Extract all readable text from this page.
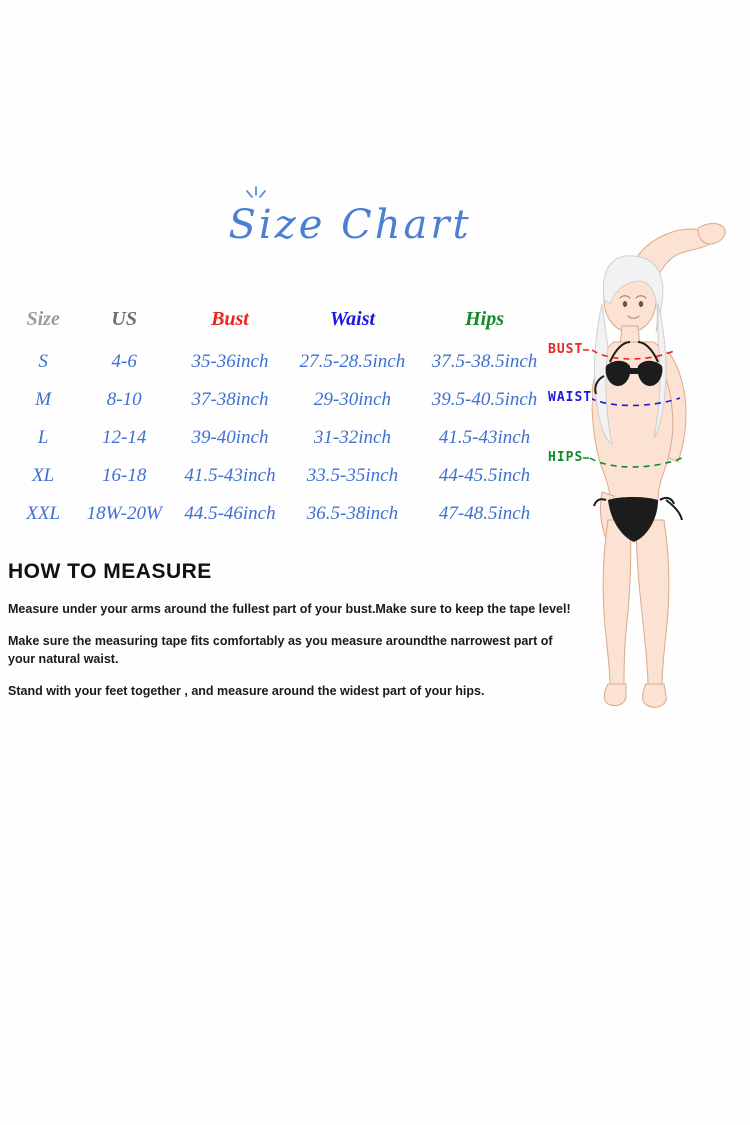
Size Chart
Size	US	Bust	Waist	Hips
S	4-6	35-36inch	27.5-28.5inch	37.5-38.5inch
M	8-10	37-38inch	29-30inch	39.5-40.5inch
L	12-14	39-40inch	31-32inch	41.5-43inch
XL	16-18	41.5-43inch	33.5-35inch	44-45.5inch
XXL	18W-20W	44.5-46inch	36.5-38inch	47-48.5inch
HOW TO MEASURE
Measure under your arms around the fullest part of your bust.Make sure to keep the tape level!
Make sure the measuring tape fits comfortably as you measure aroundthe narrowest part of your natural waist.
Stand with your feet together , and measure around the widest part of your hips.
BUST
WAIST
HIPS
